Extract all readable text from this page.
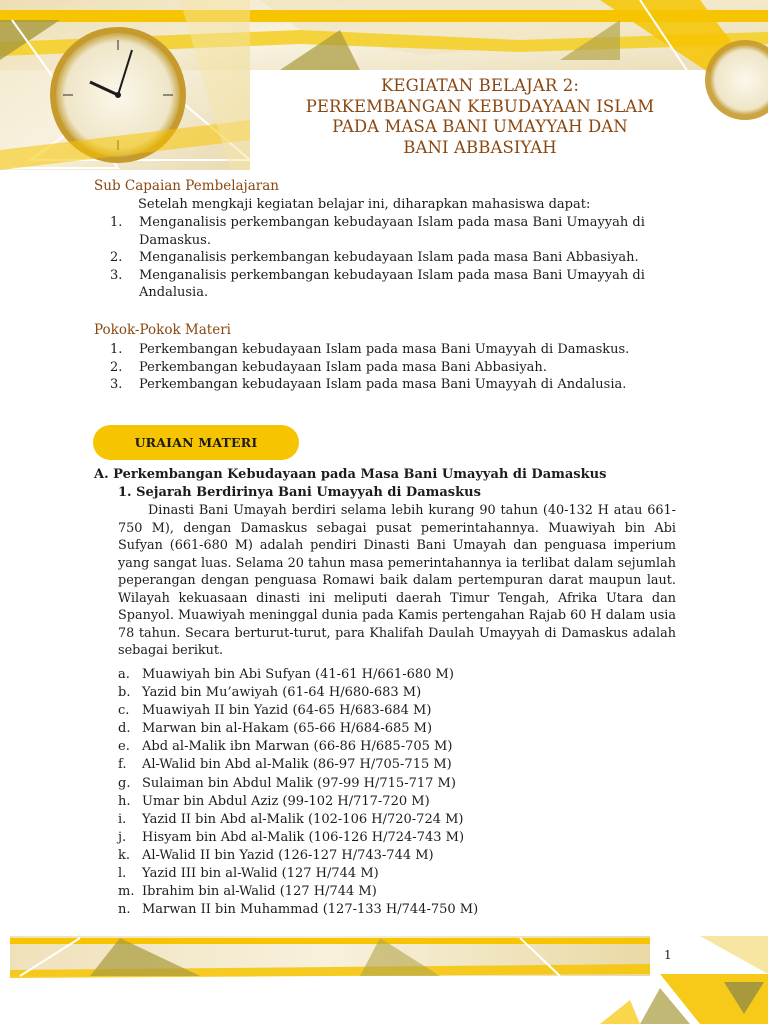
KEGIATAN BELAJAR 2:
PERKEMBANGAN KEBUDAYAAN ISLAM
PADA MASA BANI UMAYYAH DAN
BANI ABBASIYAH
Sub Capaian Pembelajaran

Setelah mengkaji kegiatan belajar ini, diharapkan mahasiswa dapat:

1. Menganalisis perkembangan kebudayaan Islam pada masa Bani Umayyah di Damaskus.
2. Menganalisis perkembangan kebudayaan Islam pada masa Bani Abbasiyah.
3. Menganalisis perkembangan kebudayaan Islam pada masa Bani Umayyah di Andalusia.
Pokok-Pokok Materi
1. Perkembangan kebudayaan Islam pada masa Bani Umayyah di Damaskus.
2. Perkembangan kebudayaan Islam pada masa Bani Abbasiyah.
3. Perkembangan kebudayaan Islam pada masa Bani Umayyah di Andalusia.
URAIAN MATERI
A. Perkembangan Kebudayaan pada Masa Bani Umayyah di Damaskus
1. Sejarah Berdirinya Bani Umayyah di Damaskus

Dinasti Bani Umayah berdiri selama lebih kurang 90 tahun (40-132 H atau 661-750 M), dengan Damaskus sebagai pusat pemerintahannya. Muawiyah bin Abi Sufyan (661-680 M) adalah pendiri Dinasti Bani Umayah dan penguasa imperium yang sangat luas. Selama 20 tahun masa pemerintahannya ia terlibat dalam sejumlah peperangan dengan penguasa Romawi baik dalam pertempuran darat maupun laut. Wilayah kekuasaan dinasti ini meliputi daerah Timur Tengah, Afrika Utara dan Spanyol. Muawiyah meninggal dunia pada Kamis pertengahan Rajab 60 H dalam usia 78 tahun. Secara berturut-turut, para Khalifah Daulah Umayyah di Damaskus adalah sebagai berikut.

a. Muawiyah bin Abi Sufyan (41-61 H/661-680 M)
b. Yazid bin Mu’awiyah (61-64 H/680-683 M)
c. Muawiyah II bin Yazid (64-65 H/683-684 M)
d. Marwan bin al-Hakam (65-66 H/684-685 M)
e. Abd al-Malik ibn Marwan (66-86 H/685-705 M)
f. Al-Walid bin Abd al-Malik (86-97 H/705-715 M)
g. Sulaiman bin Abdul Malik (97-99 H/715-717 M)
h. Umar bin Abdul Aziz (99-102 H/717-720 M)
i. Yazid II bin Abd al-Malik (102-106 H/720-724 M)
j. Hisyam bin Abd al-Malik (106-126 H/724-743 M)
k. Al-Walid II bin Yazid (126-127 H/743-744 M)
l. Yazid III bin al-Walid (127 H/744 M)
m. Ibrahim bin al-Walid (127 H/744 M)
n. Marwan II bin Muhammad (127-133 H/744-750 M)
1
